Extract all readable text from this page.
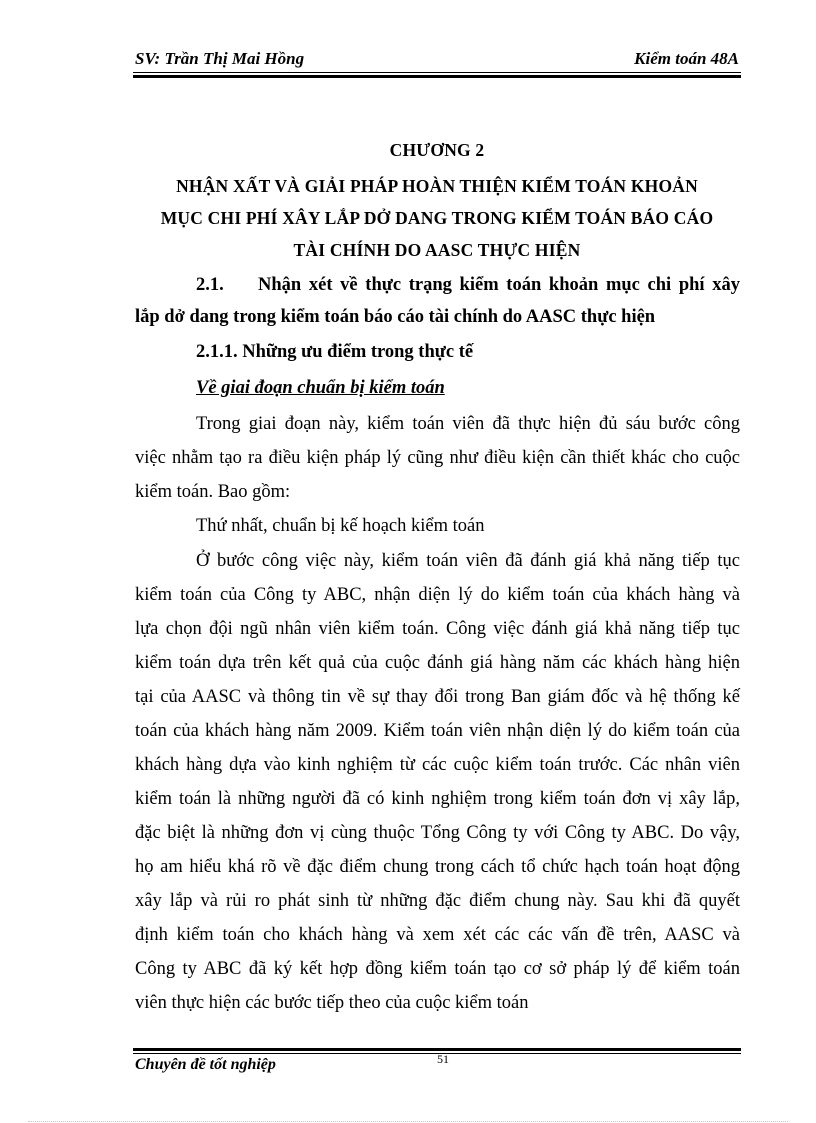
SV: Trần Thị Mai Hồng	Kiểm toán 48A
CHƯƠNG 2
NHẬN XẤT VÀ GIẢI PHÁP HOÀN THIỆN KIỂM TOÁN KHOẢN
MỤC CHI PHÍ XÂY LẮP DỞ DANG TRONG KIỂM TOÁN BÁO CÁO
TÀI CHÍNH DO AASC THỰC HIỆN
2.1. Nhận xét về thực trạng kiểm toán khoản mục chi phí xây
lắp dở dang trong kiểm toán báo cáo tài chính do AASC thực hiện
2.1.1. Những ưu điểm trong thực tế
Về giai đoạn chuẩn bị kiểm toán
Trong giai đoạn này, kiểm toán viên đã thực hiện đủ sáu bước công
việc nhằm tạo ra điều kiện pháp lý cũng như điều kiện cần thiết khác cho cuộc
kiểm toán. Bao gồm:
Thứ nhất, chuẩn bị kế hoạch kiểm toán
Ở bước công việc này, kiểm toán viên đã đánh giá khả năng tiếp tục
kiểm toán của Công ty ABC, nhận diện lý do kiểm toán của khách hàng và
lựa chọn đội ngũ nhân viên kiểm toán. Công việc đánh giá khả năng tiếp tục
kiểm toán dựa trên kết quả của cuộc đánh giá hàng năm các khách hàng hiện
tại của AASC và thông tin về sự thay đổi trong Ban giám đốc và hệ thống kế
toán của khách hàng năm 2009. Kiểm toán viên nhận diện lý do kiểm toán của
khách hàng dựa vào kinh nghiệm từ các cuộc kiểm toán trước. Các nhân viên
kiểm toán là những người đã có kinh nghiệm trong kiểm toán đơn vị xây lắp,
đặc biệt là những đơn vị cùng thuộc Tổng Công ty với Công ty ABC. Do vậy,
họ am hiểu khá rõ về đặc điểm chung trong cách tổ chức hạch toán hoạt động
xây lắp và rủi ro phát sinh từ những đặc điểm chung này. Sau khi đã quyết
định kiểm toán cho khách hàng và xem xét các các vấn đề trên, AASC và
Công ty ABC đã ký kết hợp đồng kiểm toán tạo cơ sở pháp lý để kiểm toán
viên thực hiện các bước tiếp theo của cuộc kiểm toán
51
Chuyên đề tốt nghiệp
